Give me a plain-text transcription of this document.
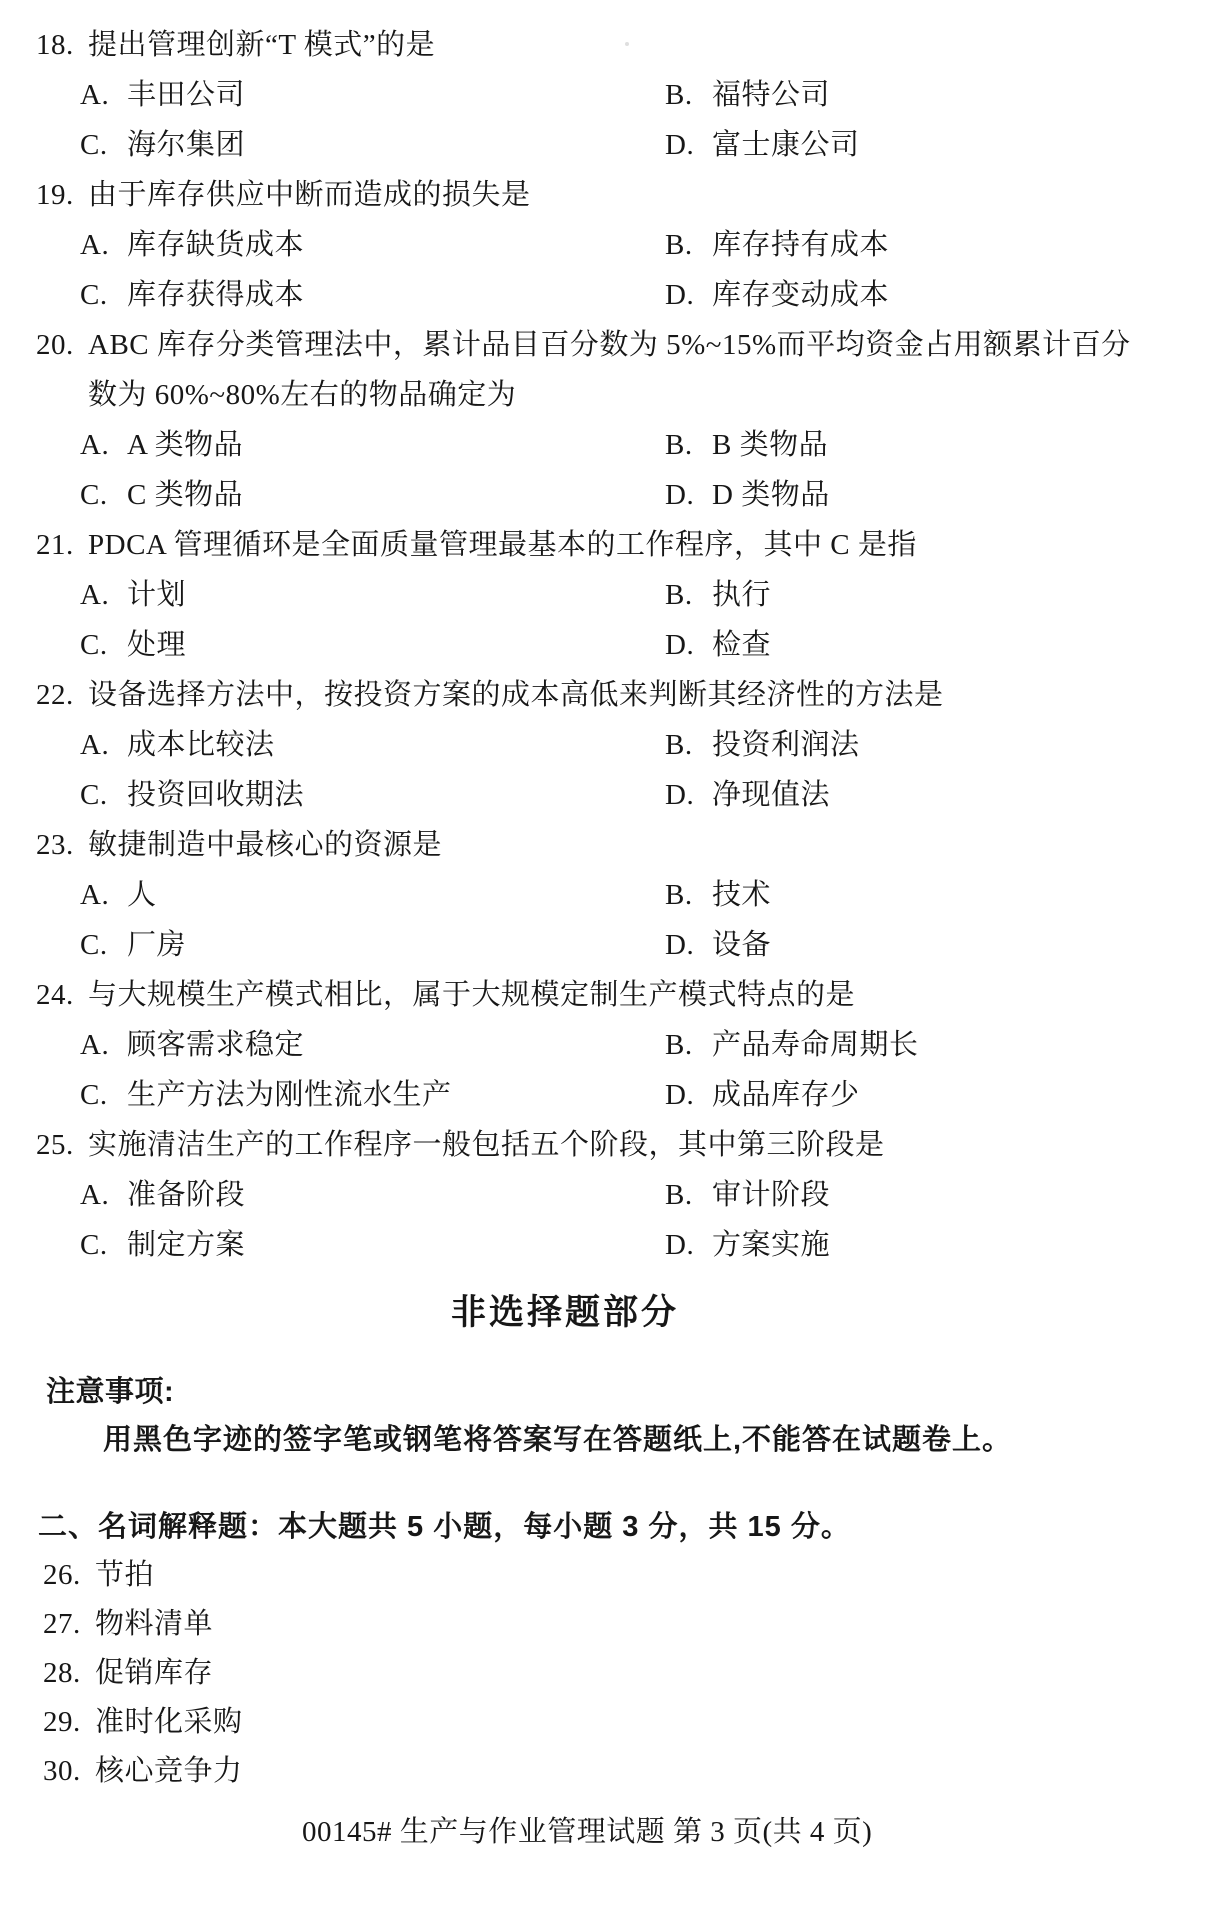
18. 提出管理创新“T 模式”的是
A. 丰田公司	B. 福特公司
C. 海尔集团	D. 富士康公司
19. 由于库存供应中断而造成的损失是
A. 库存缺货成本	B. 库存持有成本
C. 库存获得成本	D. 库存变动成本
20. ABC 库存分类管理法中，累计品目百分数为 5%~15%而平均资金占用额累计百分
数为 60%~80%左右的物品确定为
A. A 类物品	B. B 类物品
C. C 类物品	D. D 类物品
21. PDCA 管理循环是全面质量管理最基本的工作程序，其中 C 是指
A. 计划	B. 执行
C. 处理	D. 检查
22. 设备选择方法中，按投资方案的成本高低来判断其经济性的方法是
A. 成本比较法	B. 投资利润法
C. 投资回收期法	D. 净现值法
23. 敏捷制造中最核心的资源是
A. 人	B. 技术
C. 厂房	D. 设备
24. 与大规模生产模式相比，属于大规模定制生产模式特点的是
A. 顾客需求稳定	B. 产品寿命周期长
C. 生产方法为刚性流水生产	D. 成品库存少
25. 实施清洁生产的工作程序一般包括五个阶段，其中第三阶段是
A. 准备阶段	B. 审计阶段
C. 制定方案	D. 方案实施
非选择题部分
注意事项:
用黑色字迹的签字笔或钢笔将答案写在答题纸上,不能答在试题卷上。
二、名词解释题：本大题共 5 小题，每小题 3 分，共 15 分。
26. 节拍
27. 物料清单
28. 促销库存
29. 准时化采购
30. 核心竞争力
00145# 生产与作业管理试题 第 3 页(共 4 页)
